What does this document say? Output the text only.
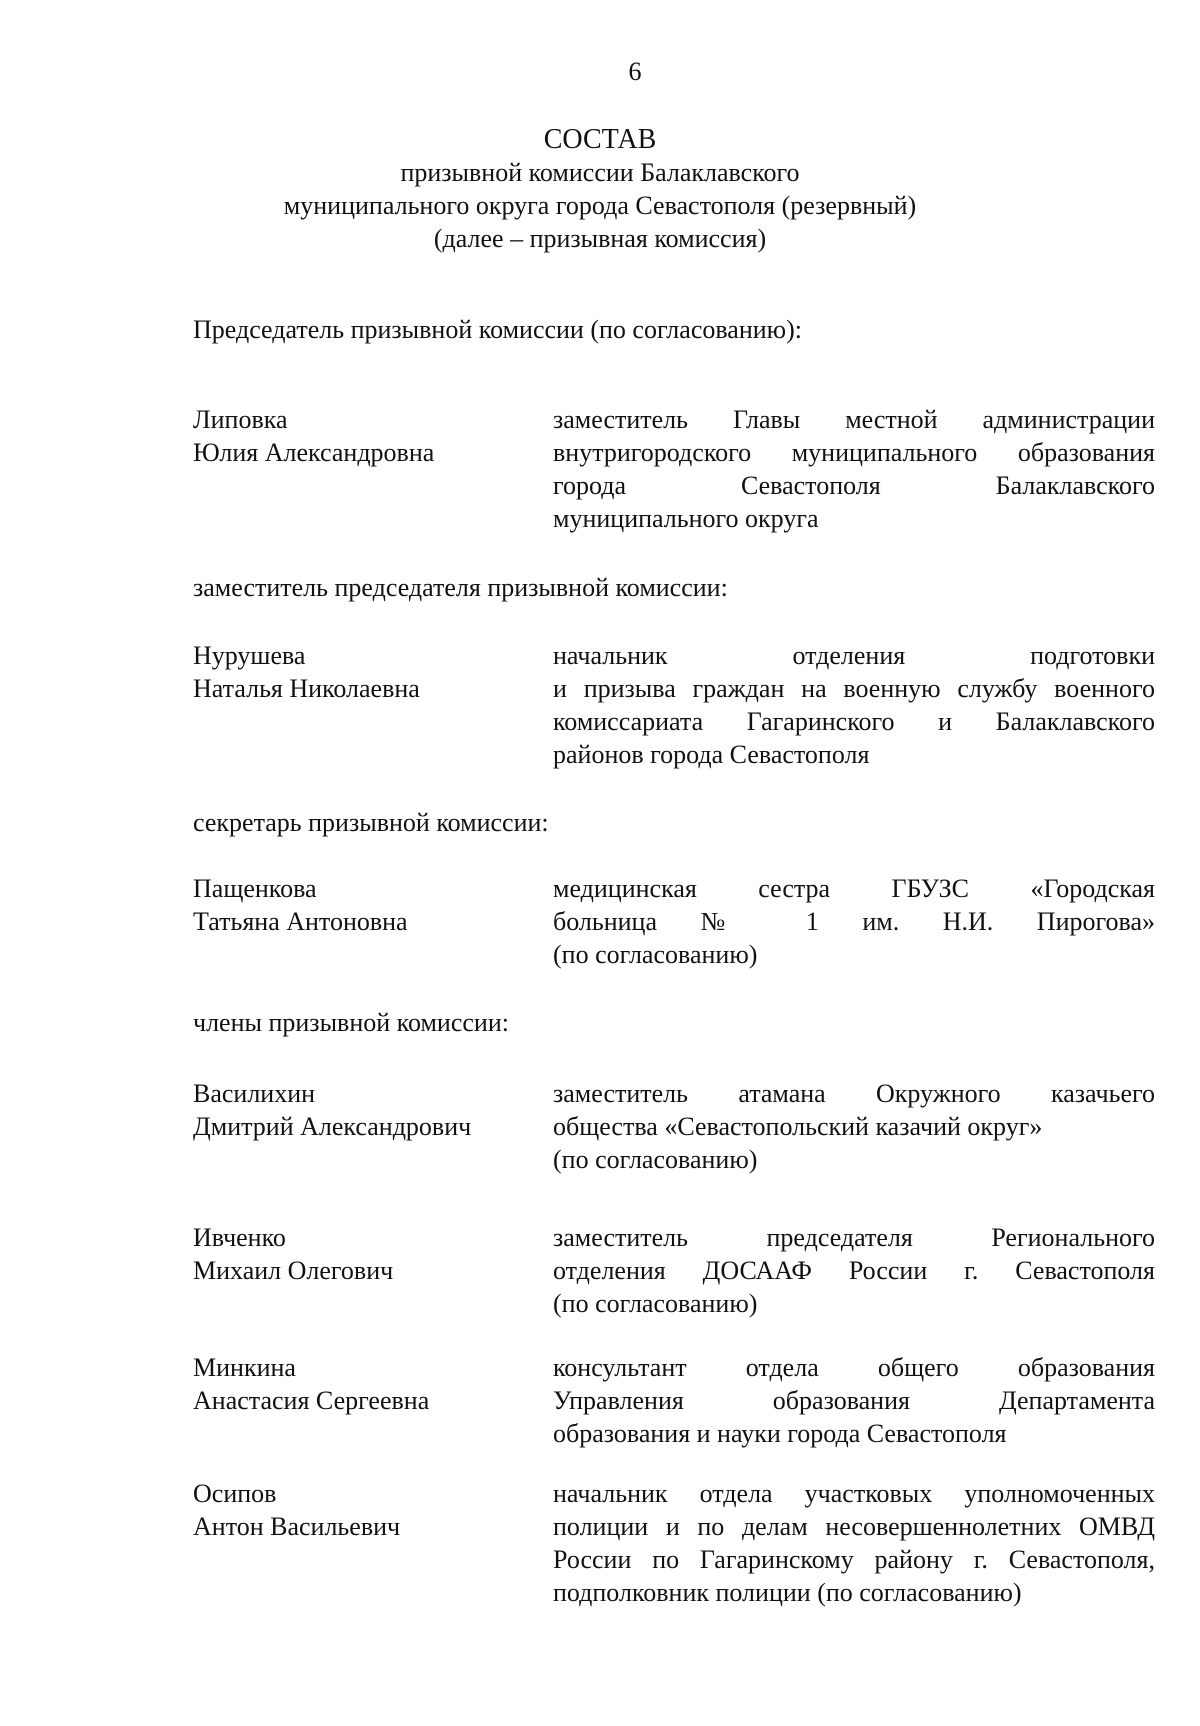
6
СОСТАВ
призывной комиссии Балаклавского
муниципального округа города Севастополя (резервный)
(далее – призывная комиссия)
Председатель призывной комиссии (по согласованию):
Липовка
Юлия Александровна
заместитель Главы местной администрации
внутригородского муниципального образования
города Севастополя Балаклавского
муниципального округа
заместитель председателя призывной комиссии:
Нурушева
Наталья Николаевна
начальник отделения подготовки
и призыва граждан на военную службу военного
комиссариата Гагаринского и Балаклавского
районов города Севастополя
секретарь призывной комиссии:
Пащенкова
Татьяна Антоновна
медицинская сестра ГБУЗС «Городская
больница № 1 им. Н.И. Пирогова»
(по согласованию)
члены призывной комиссии:
Василихин
Дмитрий Александрович
заместитель атамана Окружного казачьего
общества «Севастопольский казачий округ»
(по согласованию)
Ивченко
Михаил Олегович
заместитель председателя Регионального
отделения ДОСААФ России г. Севастополя
(по согласованию)
Минкина
Анастасия Сергеевна
консультант отдела общего образования
Управления образования Департамента
образования и науки города Севастополя
Осипов
Антон Васильевич
начальник отдела участковых уполномоченных
полиции и по делам несовершеннолетних ОМВД
России по Гагаринскому району г. Севастополя,
подполковник полиции (по согласованию)
